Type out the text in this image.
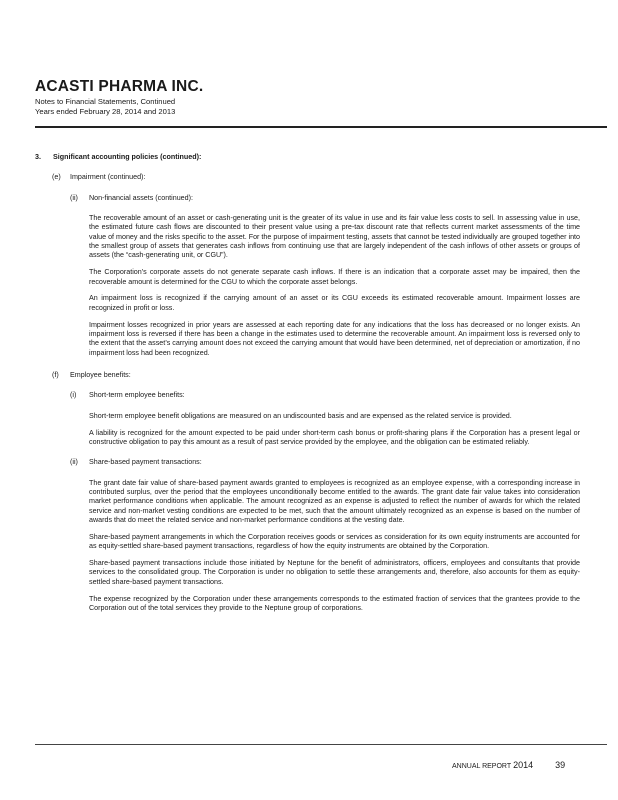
ACASTI PHARMA INC.
Notes to Financial Statements, Continued
Years ended February 28, 2014 and 2013
3.	Significant accounting policies (continued):
(e)	Impairment (continued):
(ii)	Non-financial assets (continued):

The recoverable amount of an asset or cash-generating unit is the greater of its value in use and its fair value less costs to sell. In assessing value in use, the estimated future cash flows are discounted to their present value using a pre-tax discount rate that reflects current market assessments of the time value of money and the risks specific to the asset. For the purpose of impairment testing, assets that cannot be tested individually are grouped together into the smallest group of assets that generates cash inflows from continuing use that are largely independent of the cash inflows of other assets or groups of assets (the “cash-generating unit, or CGU”).

The Corporation’s corporate assets do not generate separate cash inflows. If there is an indication that a corporate asset may be impaired, then the recoverable amount is determined for the CGU to which the corporate asset belongs.

An impairment loss is recognized if the carrying amount of an asset or its CGU exceeds its estimated recoverable amount. Impairment losses are recognized in profit or loss.

Impairment losses recognized in prior years are assessed at each reporting date for any indications that the loss has decreased or no longer exists. An impairment loss is reversed if there has been a change in the estimates used to determine the recoverable amount. An impairment loss is reversed only to the extent that the asset’s carrying amount does not exceed the carrying amount that would have been determined, net of depreciation or amortization, if no impairment loss had been recognized.

(f)	Employee benefits:
(i)	Short-term employee benefits:

Short-term employee benefit obligations are measured on an undiscounted basis and are expensed as the related service is provided.

A liability is recognized for the amount expected to be paid under short-term cash bonus or profit-sharing plans if the Corporation has a present legal or constructive obligation to pay this amount as a result of past service provided by the employee, and the obligation can be estimated reliably.

(ii)	Share-based payment transactions:

The grant date fair value of share-based payment awards granted to employees is recognized as an employee expense, with a corresponding increase in contributed surplus, over the period that the employees unconditionally become entitled to the awards. The grant date fair value takes into consideration market performance conditions when applicable. The amount recognized as an expense is adjusted to reflect the number of awards for which the related service and non-market vesting conditions are expected to be met, such that the amount ultimately recognized as an expense is based on the number of awards that do meet the related service and non-market performance conditions at the vesting date.

Share-based payment arrangements in which the Corporation receives goods or services as consideration for its own equity instruments are accounted for as equity-settled share-based payment transactions, regardless of how the equity instruments are obtained by the Corporation.

Share-based payment transactions include those initiated by Neptune for the benefit of administrators, officers, employees and consultants that provide services to the consolidated group. The Corporation is under no obligation to settle these arrangements and, therefore, also accounts for them as equity-settled share-based payment transactions.

The expense recognized by the Corporation under these arrangements corresponds to the estimated fraction of services that the grantees provide to the Corporation out of the total services they provide to the Neptune group of corporations.

ANNUAL REPORT 2014 39
